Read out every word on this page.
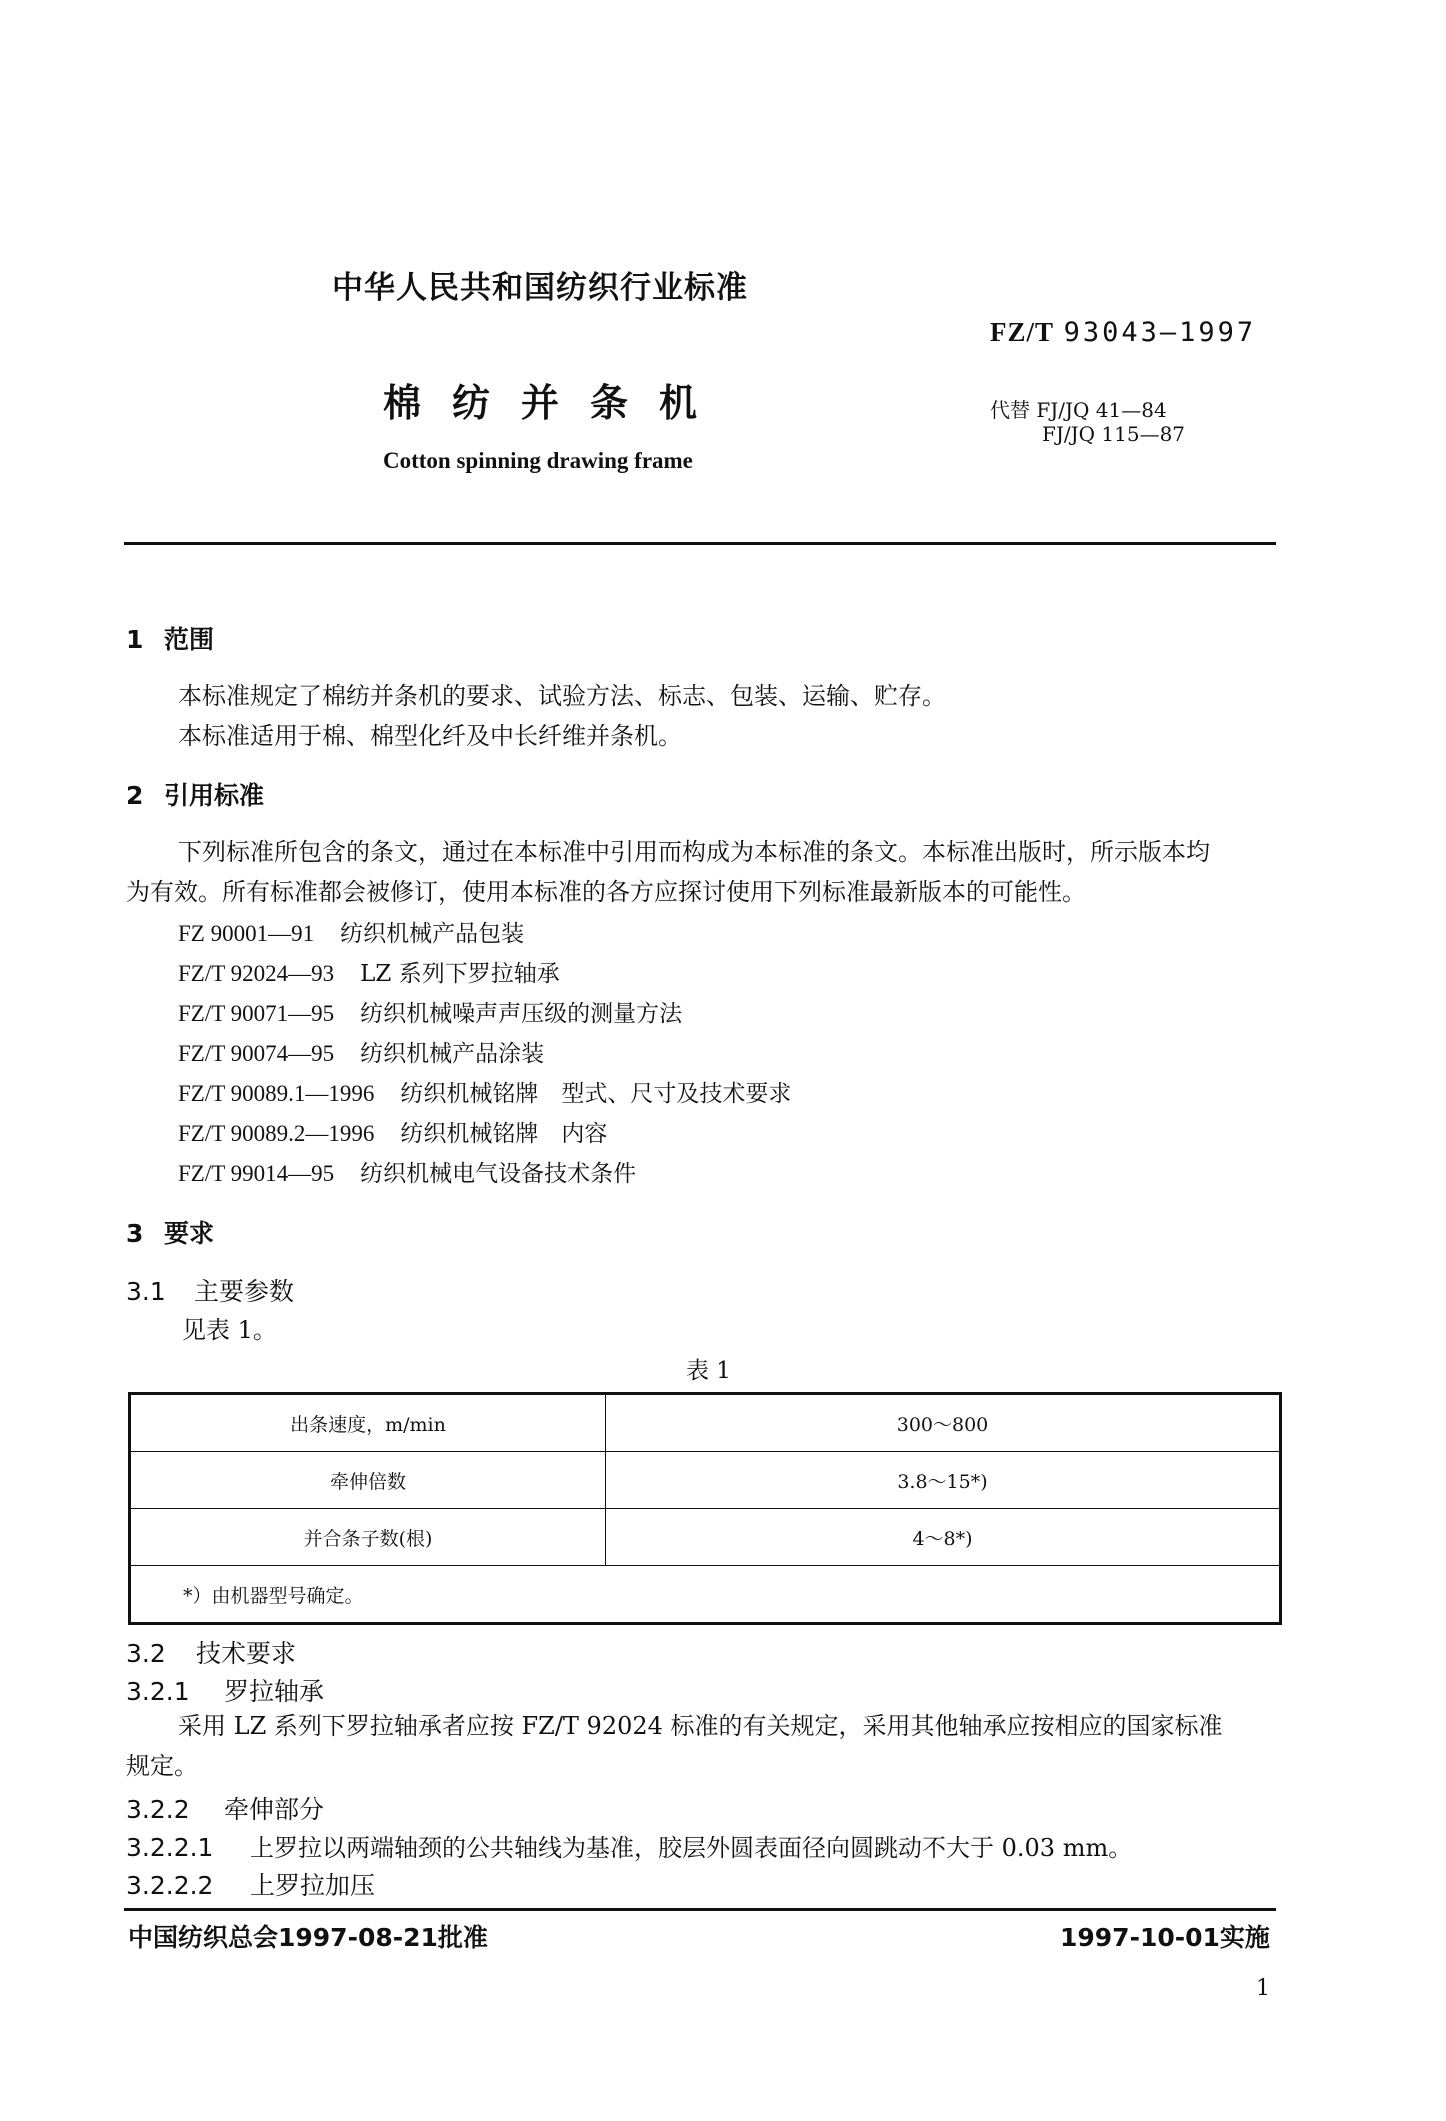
中华人民共和国纺织行业标准
FZ/T 93043—1997
棉纺并条机	代替 FJ/JQ 41—84
FJ/JQ 115—87
Cotton spinning drawing frame
1 范围
本标准规定了棉纺并条机的要求、试验方法、标志、包装、运输、贮存。
本标准适用于棉、棉型化纤及中长纤维并条机。
2 引用标准
下列标准所包含的条文，通过在本标准中引用而构成为本标准的条文。本标准出版时，所示版本均
为有效。所有标准都会被修订，使用本标准的各方应探讨使用下列标准最新版本的可能性。
FZ 90001—91 纺织机械产品包装
FZ/T 92024—93 LZ 系列下罗拉轴承
FZ/T 90071—95 纺织机械噪声声压级的测量方法
FZ/T 90074—95 纺织机械产品涂装
FZ/T 90089.1—1996 纺织机械铭牌　型式、尺寸及技术要求
FZ/T 90089.2—1996 纺织机械铭牌　内容
FZ/T 99014—95 纺织机械电气设备技术条件
3 要求
3.1 主要参数
见表 1。
表 1
出条速度，m/min	300～800
牵伸倍数	3.8～15*)
并合条子数(根)	4～8*)
*）由机器型号确定。	
3.2 技术要求
3.2.1 罗拉轴承
采用 LZ 系列下罗拉轴承者应按 FZ/T 92024 标准的有关规定，采用其他轴承应按相应的国家标准
规定。
3.2.2 牵伸部分
3.2.2.1 上罗拉以两端轴颈的公共轴线为基准，胶层外圆表面径向圆跳动不大于 0.03 mm。
3.2.2.2 上罗拉加压
中国纺织总会1997-08-21批准	1997-10-01实施
1
